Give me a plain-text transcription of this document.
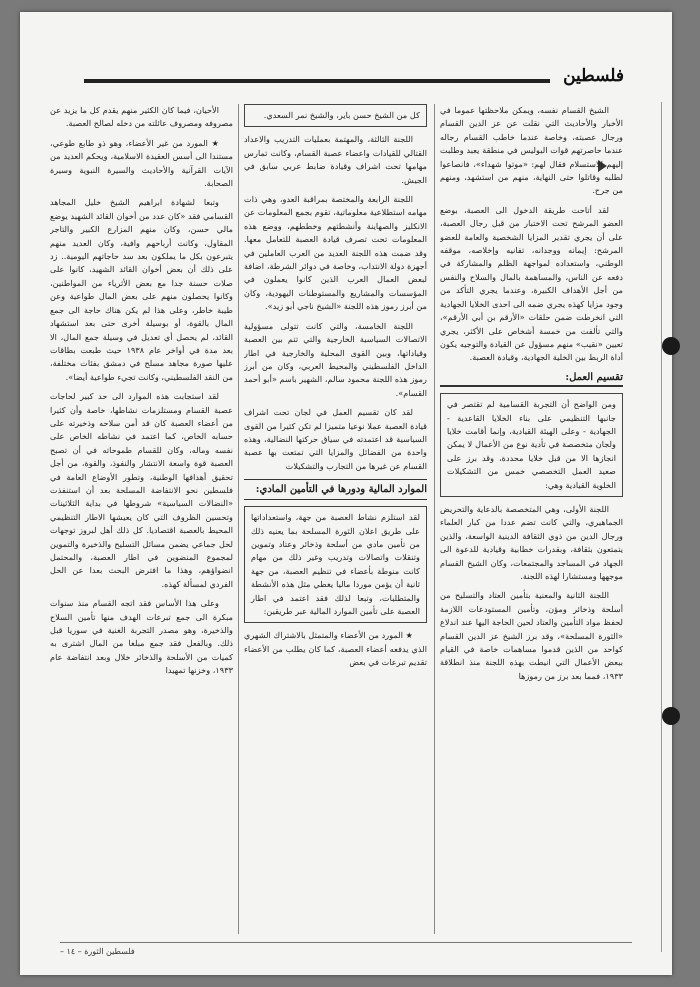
فلسطين

الشيخ القسام نفسه، ويمكن ملاحظتها عموما في الأخبار والأحاديث التي نقلت عن عز الدين القسام ورجال عصبته، وخاصة عندما خاطب القسام رجاله عندما حاصرتهم قوات البوليس في منطقة يعبد وطلبت إليهم الاستسلام فقال لهم: «موتوا شهداء»، فانصاعوا لطلبه وقاتلوا حتى النهاية، منهم من استشهد، ومنهم من جرح.

لقد أتاحت طريقة الدخول الى العصبة، بوضع العضو المرشح تحت الاختبار من قبل رجال العصبة، على أن يجري تقدير المزايا الشخصية والعامة للعضو المرشح: إيمانه ووجدانه، تفانيه وإخلاصه، موقفه الوطني، واستعداده لمواجهة الظلم والمشاركة في دفعه عن الناس، والمساهمة بالمال والسلاح والنفس من أجل الأهداف الكبيرة، وعندما يجري التأكد من وجود مزايا كهذه يجري ضمه الى احدى الخلايا الجهادية التي انخرطت ضمن حلقات «الأرقم بن أبي الأرقم»، والتي تألفت من خمسة أشخاص على الأكثر، يجري تعيين «نقيب» منهم مسؤول عن القيادة والتوجيه يكون أداة الربط بين الخلية الجهادية، وقيادة العصبة.

تقسيم العمل:
ومن الواضح أن التجربة القسامية لم تقتصر في جانبها التنظيمي على بناء الخلايا القاعدية - الجهادية - وعلى الهيئة القيادية، وإنما أقامت خلايا ولجان متخصصة في تأدية نوع من الأعمال لا يمكن انجازها الا من قبل خلايا محددة، وقد برز على صعيد العمل التخصصي خمس من التشكيلات الخلوية القيادية وهي:

اللجنة الأولى، وهي المتخصصة بالدعاية والتحريض الجماهيري، والتي كانت تضم عددا من كبار العلماء ورجال الدين من ذوي الثقافة الدينية الواسعة، والذين يتمتعون بثقافة، وبقدرات خطابية وقيادية للدعوة الى الجهاد في المساجد والمجتمعات، وكان الشيخ القسام موجهها ومستشارا لهذه اللجنة.

اللجنة الثانية والمعنية بتأمين العتاد والتسليح من أسلحة وذخائر ومؤن، وتأمين المستودعات اللازمة لحفظ مواد التأمين والعتاد لحين الحاجة اليها عند اندلاع «الثورة المسلحة»، وقد برز الشيخ عز الدين القسام كواحد من الذين قدموا مساهمات خاصة في القيام ببعض الأعمال التي انيطت بهذه اللجنة منذ انطلاقة ١٩٣٣، فمما بعد برز من رموزها

كل من الشيخ حسن باير، والشيخ نمر السعدي.

اللجنة الثالثة، والمهتمة بعمليات التدريب والاعداد القتالي للقيادات واعضاء عصبة القسام، وكانت تمارس مهامها تحت اشراف وقيادة ضابط عربي سابق في الجيش.

اللجنة الرابعة والمختصة بمراقبة العدو، وهي ذات مهامه استطلاعية معلوماتية، تقوم بجمع المعلومات عن الانكليز والصهاينة وأنشطتهم وخططهم، ووضع هذه المعلومات تحت تصرف قيادة العصبة للتعامل معها. وقد ضمت هذه اللجنة العديد من العرب العاملين في أجهزة دولة الانتداب، وخاصة في دوائر الشرطة، اضافة لبعض العمال العرب الذين كانوا يعملون في المؤسسات والمشاريع والمستوطنات اليهودية، وكان من أبرز رموز هذه اللجنة «الشيخ ناجي أبو زيد».

اللجنة الخامسة، والتي كانت تتولى مسؤولية الاتصالات السياسية الخارجية والتي تتم بين العصبة وقياداتها، وبين القوى المحلية والخارجية في اطار الداخل الفلسطيني والمحيط العربي، وكان من أبرز رموز هذه اللجنة محمود سالم، الشهير باسم «أبو أحمد القسام».

لقد كان تقسيم العمل في لجان تحت اشراف قيادة العصبة عملا نوعيا متميزا لم تكن كثيرا من القوى السياسية قد اعتمدته في سياق حركتها النضالية، وهذه واحدة من الفضائل والمزايا التي تمتعت بها عصبة القسام عن غيرها من التجارب والتشكيلات

الموارد المالية ودورها في التأمين المادي:
لقد استلزم نشاط العصبة من جهة، واستعداداتها على طريق اعلان الثورة المسلحة بما يعنيه ذلك من تأمين مادي من أسلحة وذخائر وعتاد وتموين وتنقلات واتصالات وتدريب وغير ذلك من مهام كانت منوطة بأعضاء في تنظيم العصبة، من جهة ثانية أن يؤمن موردا ماليا يغطي مثل هذه الأنشطة والمتطلبات، وتبعا لذلك فقد اعتمد في اطار العصبة على تأمين الموارد المالية عبر طريقين:

★ المورد من الأعضاء والمتمثل بالاشتراك الشهري الذي يدفعه أعضاء العصبة، كما كان يطلب من الأعضاء تقديم تبرعات في بعض

الأحيان، فيما كان الكثير منهم يقدم كل ما يزيد عن مصروفه ومصروف عائلته من دخله لصالح العصبة.

★ المورد من غير الأعضاء، وهو ذو طابع طوعي، مستندا الى أسس العقيدة الاسلامية، ويحكم العديد من الآيات القرآنية والأحاديث والسيرة النبوية وسيرة الصحابة.

وتبعا لشهادة ابراهيم الشيخ خليل المجاهد القسامي فقد «كان عدد من أخوان القائد الشهيد يوضع مالي حسن، وكان منهم المزارع الكبير والتاجر المقاول، وكانت أرباحهم وافية، وكان العديد منهم يتبرعون بكل ما يملكون بعد سد حاجاتهم اليومية.. زد على ذلك أن بعض أخوان القائد الشهيد، كانوا على صلات حسنة جدا مع بعض الأثرياء من المواطنين، وكانوا يحصلون منهم على بعض المال طواعية وعن طيبة خاطر، وعلى هذا لم يكن هناك حاجة الى جمع المال بالقوة، أو بوسيلة أخرى حتى بعد استشهاد القائد، لم يحصل أي تعديل في وسيلة جمع المال، الا بعد مدة في أواخر عام ١٩٣٨ حيث طبعت بطاقات عليها صورة مجاهد مسلح في دمشق بفئات مختلفة، من النقد الفلسطيني، وكانت تجيء طواعية أيضا».

لقد استجابت هذه الموارد الى حد كبير لحاجات عصبة القسام ومستلزمات نشاطها، خاصة وأن كثيرا من أعضاء العصبة كان قد أمن سلاحه وذخيرته على حسابه الخاص، كما اعتمد في نشاطه الخاص على نفسه وماله، وكان للقسام طموحاته في أن تصبح العصبة قوة واسعة الانتشار والنفوذ، والقوة، من أجل تحقيق أهدافها الوطنية، وتطور الأوضاع العامة في فلسطين نحو الانتفاضة المسلحة بعد أن استنفذت «النضالات السياسية» شروطها في بداية الثلاثينات وتحسين الظروف التي كان يعيشها الاطار التنظيمي المحيط بالعصبة اقتصاديا. كل ذلك أهل لبروز توجهات لحل جماعي يضمن مسائل التسليح والذخيرة والتموين لمجموع المنضوين في اطار العصبة، والمحتمل انضواؤهم، وهذا ما افترض البحث بعدا عن الحل الفردي لمسألة كهذه.

وعلى هذا الأساس فقد اتجه القسام منذ سنوات مبكرة الى جمع تبرعات الهدف منها تأمين السلاح والذخيرة، وهو مصدر التجربة الغنية في سوريا قبل ذلك. وبالفعل فقد جمع مبلغا من المال اشترى به كميات من الأسلحة والذخائر خلال وبعد انتفاضة عام ١٩٣٣، وخزنها تمهيدا

فلسطين الثورة – ١٤ –
